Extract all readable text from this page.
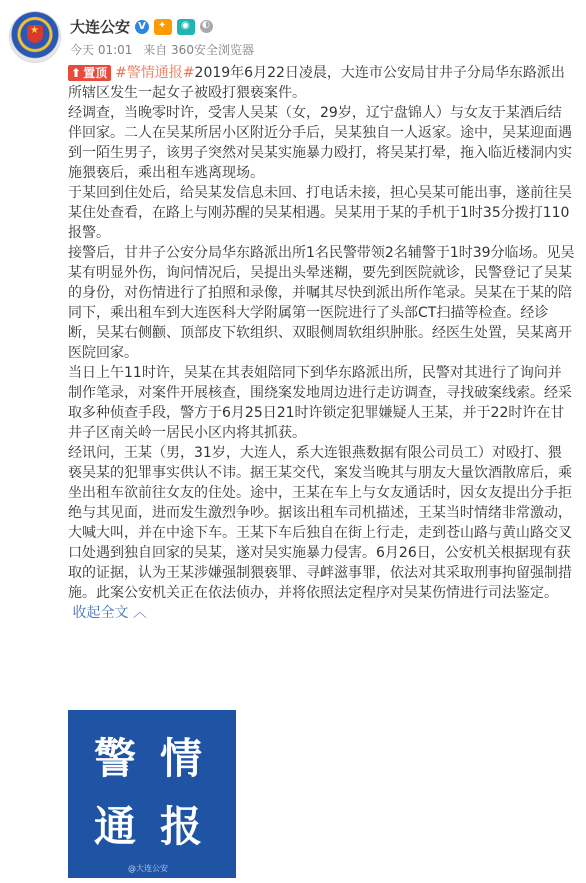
★ 大连公安 V
✦
◉
◐
今天 01:01 来自 360安全浏览器

⬆ 置顶 #警情通报#2019年6月22日凌晨，大连市公安局甘井子分局华东路派出所辖区发生一起女子被殴打猥亵案件。

经调查，当晚零时许，受害人吴某（女，29岁，辽宁盘锦人）与女友于某酒后结伴回家。二人在吴某所居小区附近分手后，吴某独自一人返家。途中，吴某迎面遇到一陌生男子，该男子突然对吴某实施暴力殴打，将吴某打晕，拖入临近楼洞内实施猥亵后，乘出租车逃离现场。

于某回到住处后，给吴某发信息未回、打电话未接，担心吴某可能出事，遂前往吴某住处查看，在路上与刚苏醒的吴某相遇。吴某用于某的手机于1时35分拨打110报警。

接警后，甘井子公安分局华东路派出所1名民警带领2名辅警于1时39分临场。见吴某有明显外伤，询问情况后，吴提出头晕迷糊，要先到医院就诊，民警登记了吴某的身份，对伤情进行了拍照和录像，并嘱其尽快到派出所作笔录。吴某在于某的陪同下，乘出租车到大连医科大学附属第一医院进行了头部CT扫描等检查。经诊断，吴某右侧颧、顶部皮下软组织、双眼侧周软组织肿胀。经医生处置，吴某离开医院回家。

当日上午11时许，吴某在其表姐陪同下到华东路派出所，民警对其进行了询问并制作笔录，对案件开展核查，围绕案发地周边进行走访调查，寻找破案线索。经采取多种侦查手段，警方于6月25日21时许锁定犯罪嫌疑人王某，并于22时许在甘井子区南关岭一居民小区内将其抓获。

经讯问，王某（男，31岁，大连人，系大连银燕数据有限公司员工）对殴打、猥亵吴某的犯罪事实供认不讳。据王某交代，案发当晚其与朋友大量饮酒散席后，乘坐出租车欲前往女友的住处。途中，王某在车上与女友通话时，因女友提出分手拒绝与其见面，进而发生激烈争吵。据该出租车司机描述，王某当时情绪非常激动，大喊大叫，并在中途下车。王某下车后独自在街上行走，走到苍山路与黄山路交叉口处遇到独自回家的吴某，遂对吴实施暴力侵害。6月26日，公安机关根据现有获取的证据，认为王某涉嫌强制猥亵罪、寻衅滋事罪，依法对其采取刑事拘留强制措施。此案公安机关正在依法侦办，并将依照法定程序对吴某伤情进行司法鉴定。  收起全文 ︿

警 情
通 报
@大连公安
